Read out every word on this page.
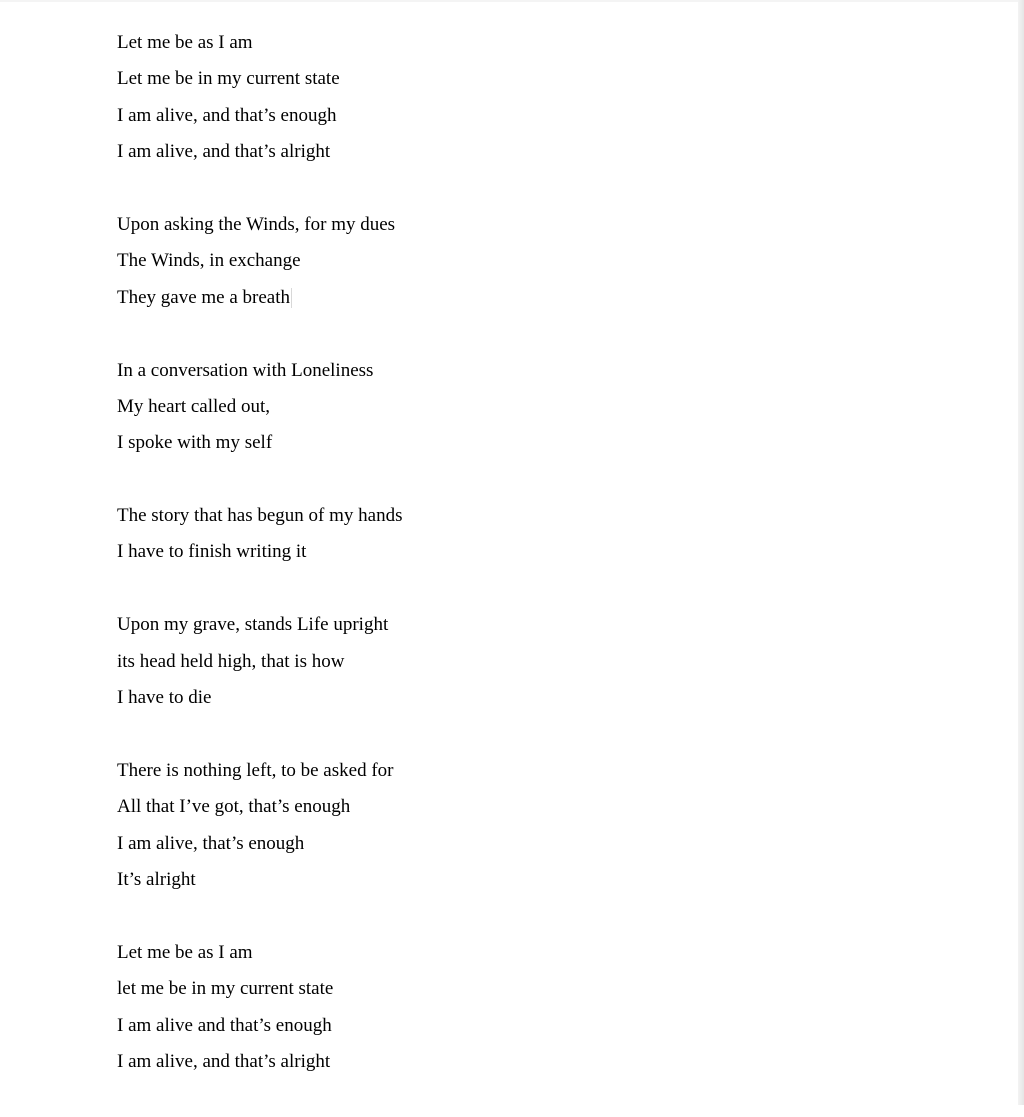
Let me be as I am
Let me be in my current state
I am alive, and that’s enough
I am alive, and that’s alright
Upon asking the Winds, for my dues
The Winds, in exchange
They gave me a breath
In a conversation with Loneliness
My heart called out,
I spoke with my self
The story that has begun of my hands
I have to finish writing it
Upon my grave, stands Life upright
its head held high, that is how
I have to die
There is nothing left, to be asked for
All that I’ve got, that’s enough
I am alive, that’s enough
It’s alright
Let me be as I am
let me be in my current state
I am alive and that’s enough
I am alive, and that’s alright
